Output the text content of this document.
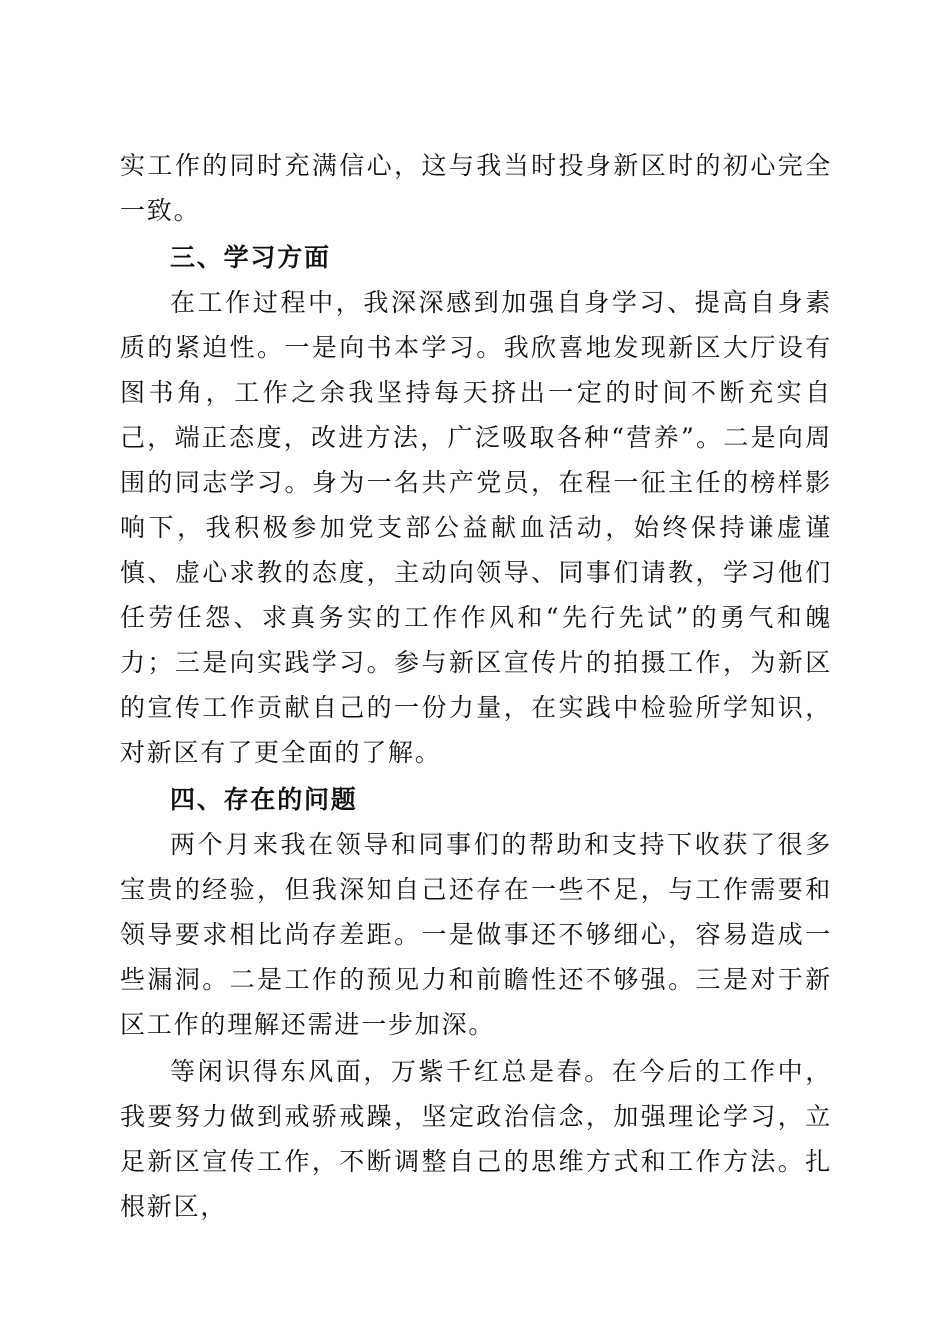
实工作的同时充满信心，这与我当时投身新区时的初心完全一致。

三、学习方面

在工作过程中，我深深感到加强自身学习、提高自身素质的紧迫性。一是向书本学习。我欣喜地发现新区大厅设有图书角，工作之余我坚持每天挤出一定的时间不断充实自己，端正态度，改进方法，广泛吸取各种“营养”。二是向周围的同志学习。身为一名共产党员，在程一征主任的榜样影响下，我积极参加党支部公益献血活动，始终保持谦虚谨慎、虚心求教的态度，主动向领导、同事们请教，学习他们任劳任怨、求真务实的工作作风和“先行先试”的勇气和魄力；三是向实践学习。参与新区宣传片的拍摄工作，为新区的宣传工作贡献自己的一份力量，在实践中检验所学知识，对新区有了更全面的了解。

四、存在的问题

两个月来我在领导和同事们的帮助和支持下收获了很多宝贵的经验，但我深知自己还存在一些不足，与工作需要和领导要求相比尚存差距。一是做事还不够细心，容易造成一些漏洞。二是工作的预见力和前瞻性还不够强。三是对于新区工作的理解还需进一步加深。

等闲识得东风面，万紫千红总是春。在今后的工作中，我要努力做到戒骄戒躁，坚定政治信念，加强理论学习，立足新区宣传工作，不断调整自己的思维方式和工作方法。扎根新区，
